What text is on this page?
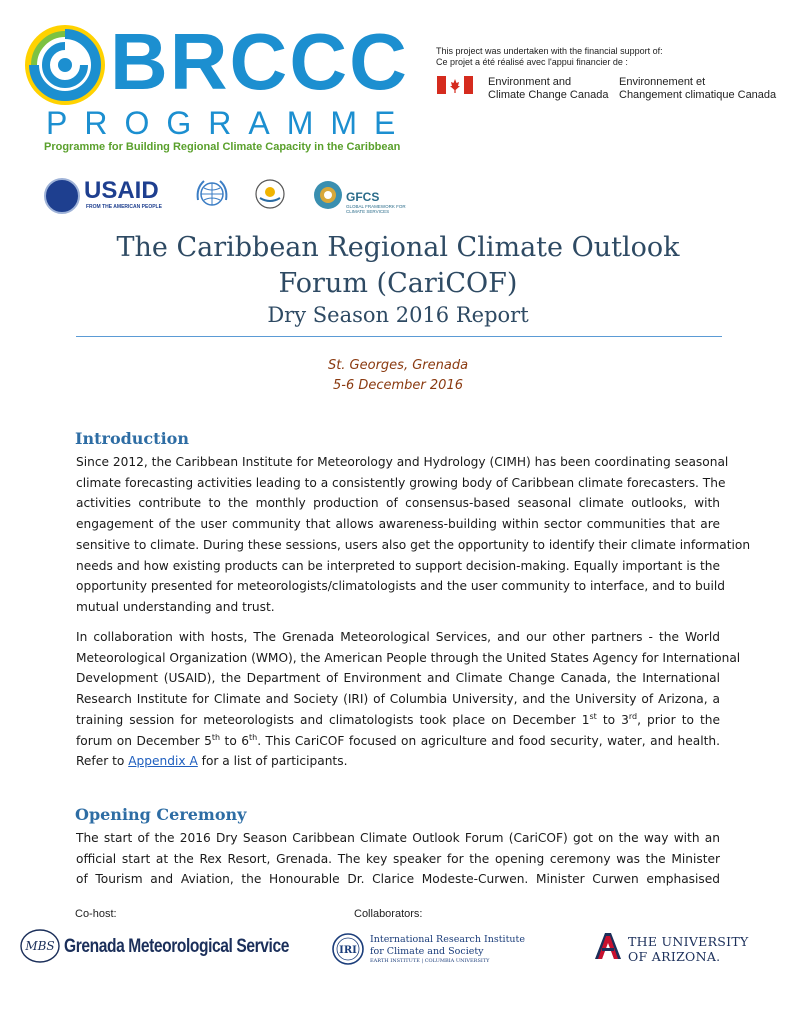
BRCCC
PROGRAMME
Programme for Building Regional Climate Capacity in the Caribbean
This project was undertaken with the financial support of:
Ce projet a été réalisé avec l'appui financier de :
Environment and
Climate Change Canada
Environnement et
Changement climatique Canada
USAID
FROM THE AMERICAN PEOPLE
GFCS
GLOBAL FRAMEWORK FOR CLIMATE SERVICES
The Caribbean Regional Climate Outlook
Forum (CariCOF)
Dry Season 2016 Report
St. Georges, Grenada
5-6 December 2016
Introduction
Since 2012, the Caribbean Institute for Meteorology and Hydrology (CIMH) has been coordinating seasonal
climate forecasting activities leading to a consistently growing body of Caribbean climate forecasters. The
activities contribute to the monthly production of consensus-based seasonal climate outlooks, with
engagement of the user community that allows awareness-building within sector communities that are
sensitive to climate. During these sessions, users also get the opportunity to identify their climate information
needs and how existing products can be interpreted to support decision-making. Equally important is the
opportunity presented for meteorologists/climatologists and the user community to interface, and to build
mutual understanding and trust.
In collaboration with hosts, The Grenada Meteorological Services, and our other partners - the World
Meteorological Organization (WMO), the American People through the United States Agency for International
Development (USAID), the Department of Environment and Climate Change Canada, the International
Research Institute for Climate and Society (IRI) of Columbia University, and the University of Arizona, a
training session for meteorologists and climatologists took place on December 1st to 3rd, prior to the
forum on December 5th to 6th. This CariCOF focused on agriculture and food security, water, and health.
Refer to Appendix A for a list of participants.
Opening Ceremony
The start of the 2016 Dry Season Caribbean Climate Outlook Forum (CariCOF) got on the way with an
official start at the Rex Resort, Grenada. The key speaker for the opening ceremony was the Minister
of Tourism and Aviation, the Honourable Dr. Clarice Modeste-Curwen. Minister Curwen emphasised
Co-host:	Collaborators:
MBS Grenada Meteorological Service	IRI
International Research Institute
for Climate and Society
EARTH INSTITUTE | COLUMBIA UNIVERSITY
THE UNIVERSITY
OF ARIZONA.
